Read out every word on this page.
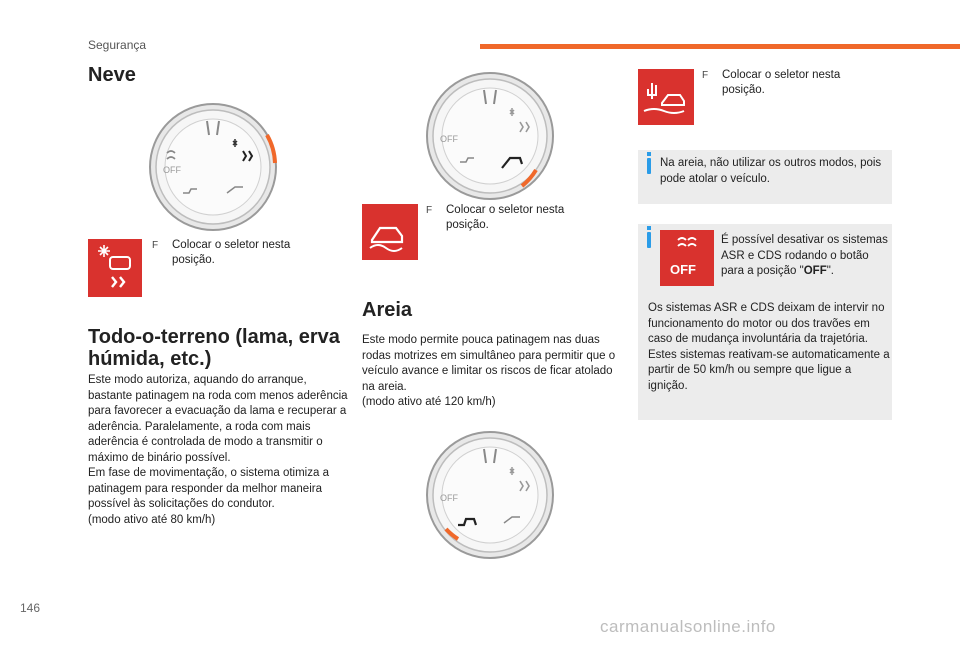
Segurança
Neve
OFF
F Colocar o seletor nesta posição.
Todo-o-terreno (lama, erva húmida, etc.)

Este modo autoriza, aquando do arranque, bastante patinagem na roda com menos aderência para favorecer a evacuação da lama e recuperar a aderência. Paralelamente, a roda com mais aderência é controlada de modo a transmitir o máximo de binário possível.

Em fase de movimentação, o sistema otimiza a patinagem para responder da melhor maneira possível às solicitações do condutor.

(modo ativo até 80 km/h)

OFF
F Colocar o seletor nesta posição.
Areia

Este modo permite pouca patinagem nas duas rodas motrizes em simultâneo para permitir que o veículo avance e limitar os riscos de ficar atolado na areia.

(modo ativo até 120 km/h)

OFF
F Colocar o seletor nesta posição.

Na areia, não utilizar os outros modos, pois pode atolar o veículo.

OFF

É possível desativar os sistemas ASR e CDS rodando o botão para a posição "OFF".

Os sistemas ASR e CDS deixam de intervir no funcionamento do motor ou dos travões em caso de mudança involuntária da trajetória.

Estes sistemas reativam-se automaticamente a partir de 50 km/h ou sempre que ligue a ignição.

146
carmanualsonline.info
